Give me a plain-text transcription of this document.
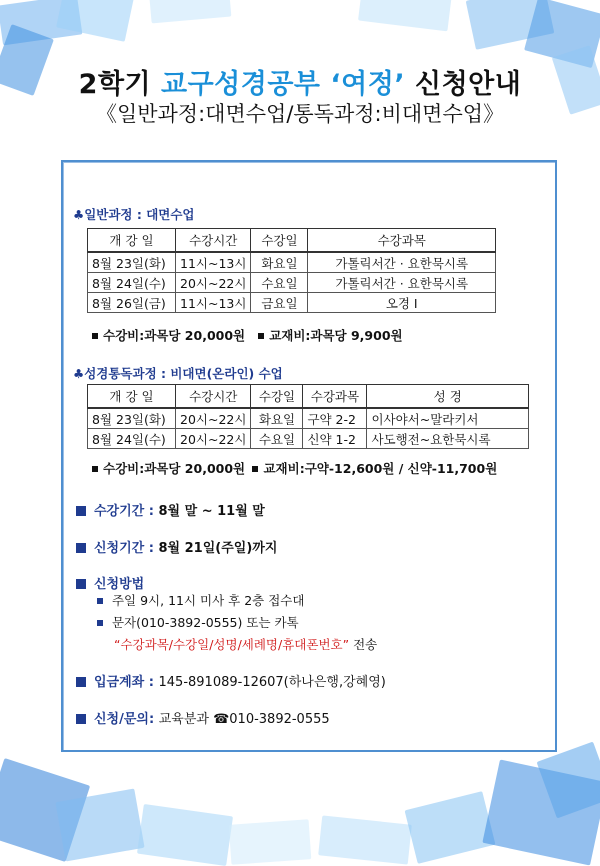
2학기 교구성경공부 ‘여정’ 신청안내
《일반과정:대면수업/통독과정:비대면수업》
♣일반과정 : 대면수업
개 강 일	수강시간	수강일	수강과목
8월 23일(화)	11시~13시	화요일	가톨릭서간 · 요한묵시록
8월 24일(수)	20시~22시	수요일	가톨릭서간 · 요한묵시록
8월 26일(금)	11시~13시	금요일	오경 I
수강비:과목당 20,000원 교재비:과목당 9,900원
♣성경통독과정 : 비대면(온라인) 수업
개 강 일	수강시간	수강일	수강과목	성 경
8월 23일(화)	20시~22시	화요일	구약 2-2	이사야서~말라키서
8월 24일(수)	20시~22시	수요일	신약 1-2	사도행전~요한묵시록
수강비:과목당 20,000원 교재비:구약-12,600원 / 신약-11,700원
수강기간 : 8월 말 ~ 11월 말
신청기간 : 8월 21일(주일)까지
신청방법
주일 9시, 11시 미사 후 2층 접수대
문자(010-3892-0555) 또는 카톡
“수강과목/수강일/성명/세례명/휴대폰번호” 전송
입금계좌 : 145-891089-12607(하나은행,강혜영)
신청/문의: 교육분과 ☎010-3892-0555
